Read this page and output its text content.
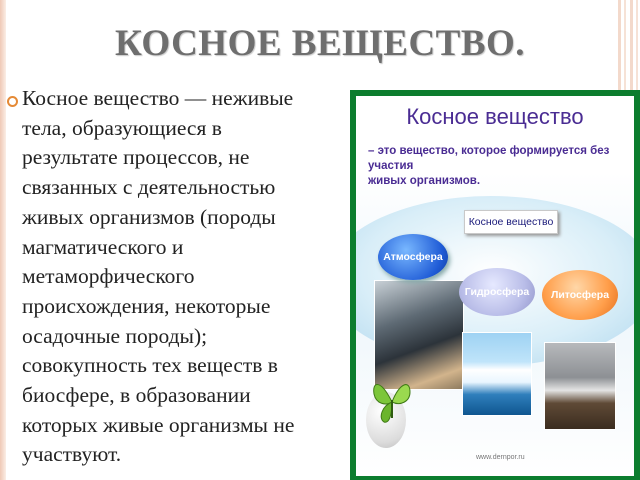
КОСНОЕ ВЕЩЕСТВО.
Косное вещество — неживые
тела, образующиеся в
результате процессов, не
связанных с деятельностью
живых организмов (породы
магматического и
метаморфического
происхождения, некоторые
осадочные породы);
совокупность тех веществ в
биосфере, в образовании
которых живые организмы не
участвуют.
Косное вещество
– это вещество, которое формируется без участия
живых организмов.
Косное вещество
Атмосфера
Гидросфера	Литосфера
www.dernpor.ru
